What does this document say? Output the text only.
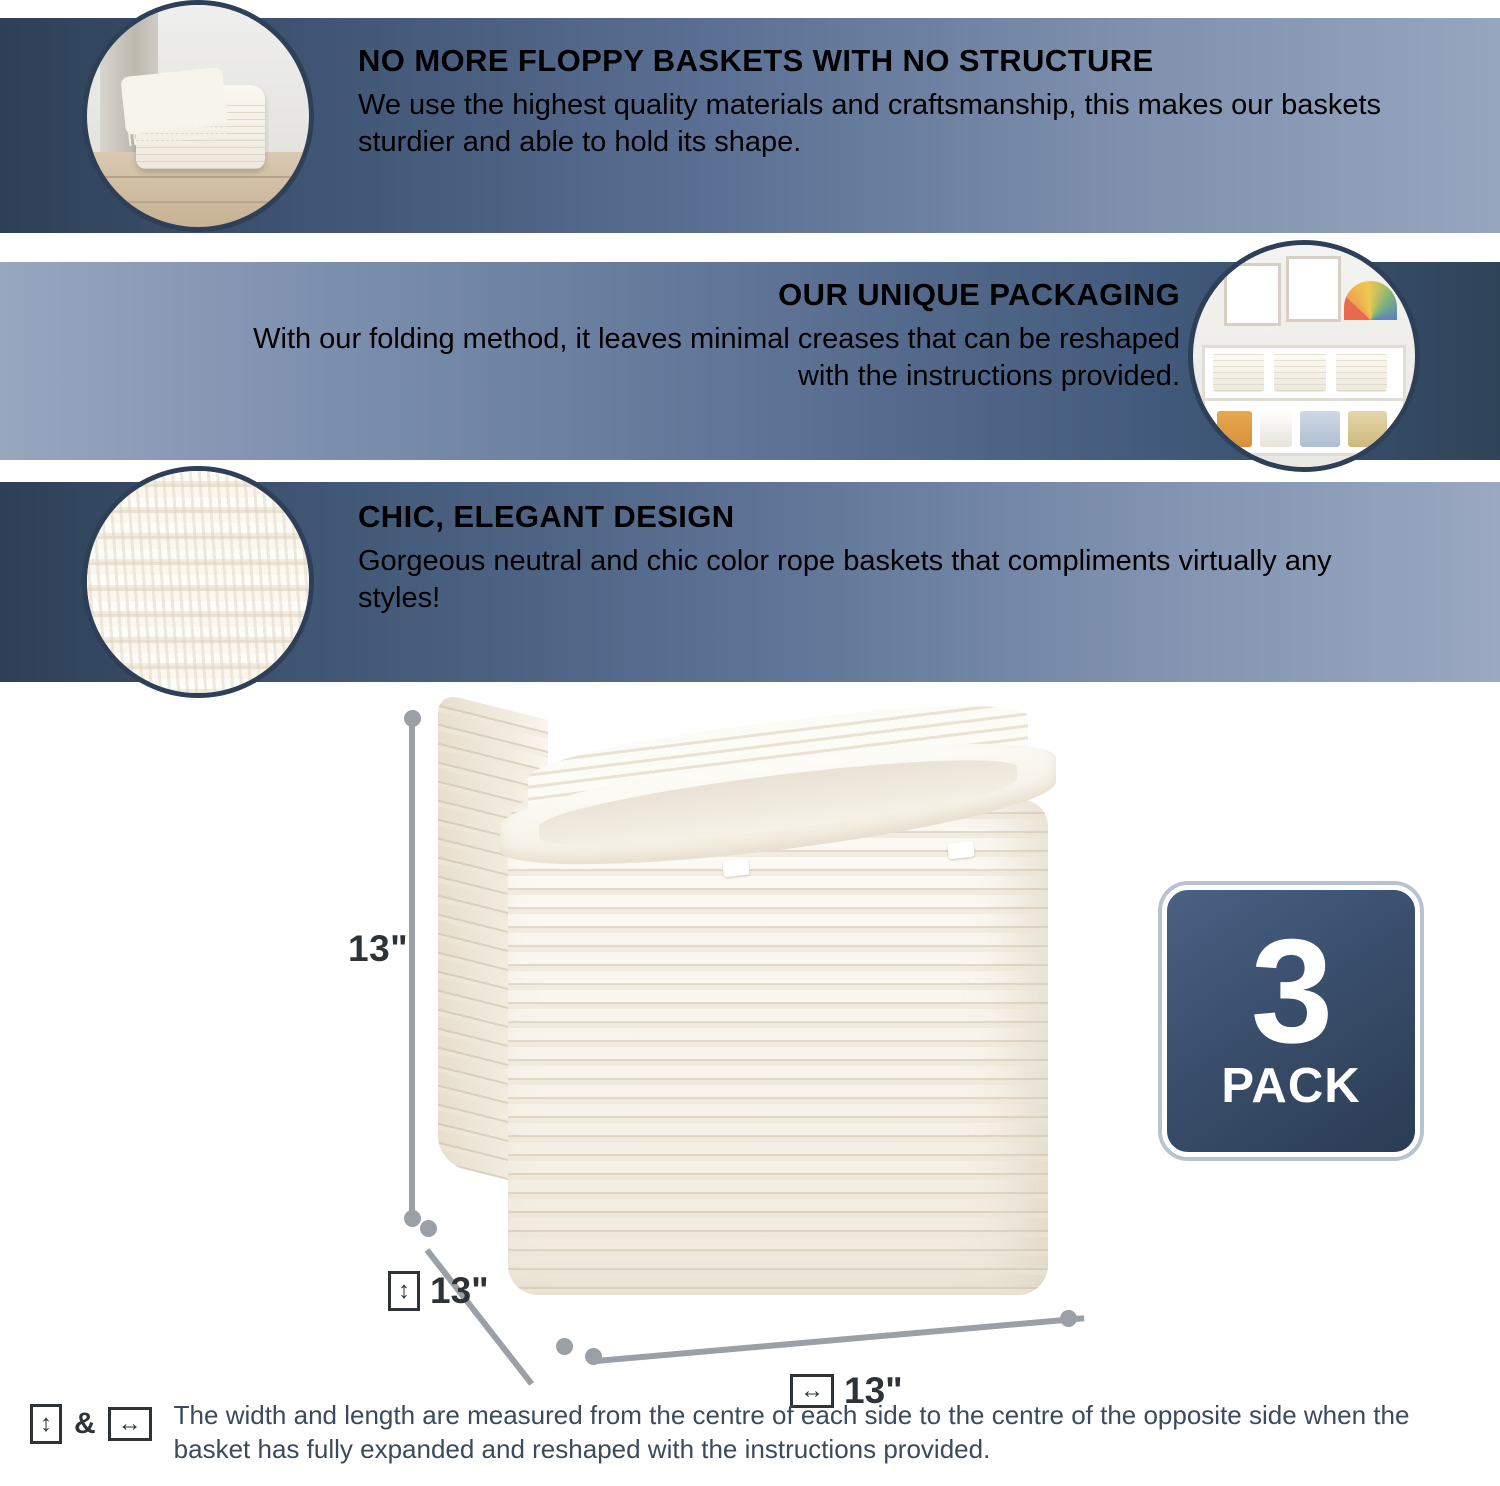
NO MORE FLOPPY BASKETS WITH NO STRUCTURE

We use the highest quality materials and craftsmanship, this makes our baskets sturdier and able to hold its shape.

OUR UNIQUE PACKAGING

With our folding method, it leaves minimal creases that can be reshaped with the instructions provided.

CHIC, ELEGANT DESIGN

Gorgeous neutral and chic color rope baskets that compliments virtually any styles!

13"
↕ 13"
↔ 13"
3
PACK
↕ & ↔ The width and length are measured from the centre of each side to the centre of the opposite side when the basket has fully expanded and reshaped with the instructions provided.
